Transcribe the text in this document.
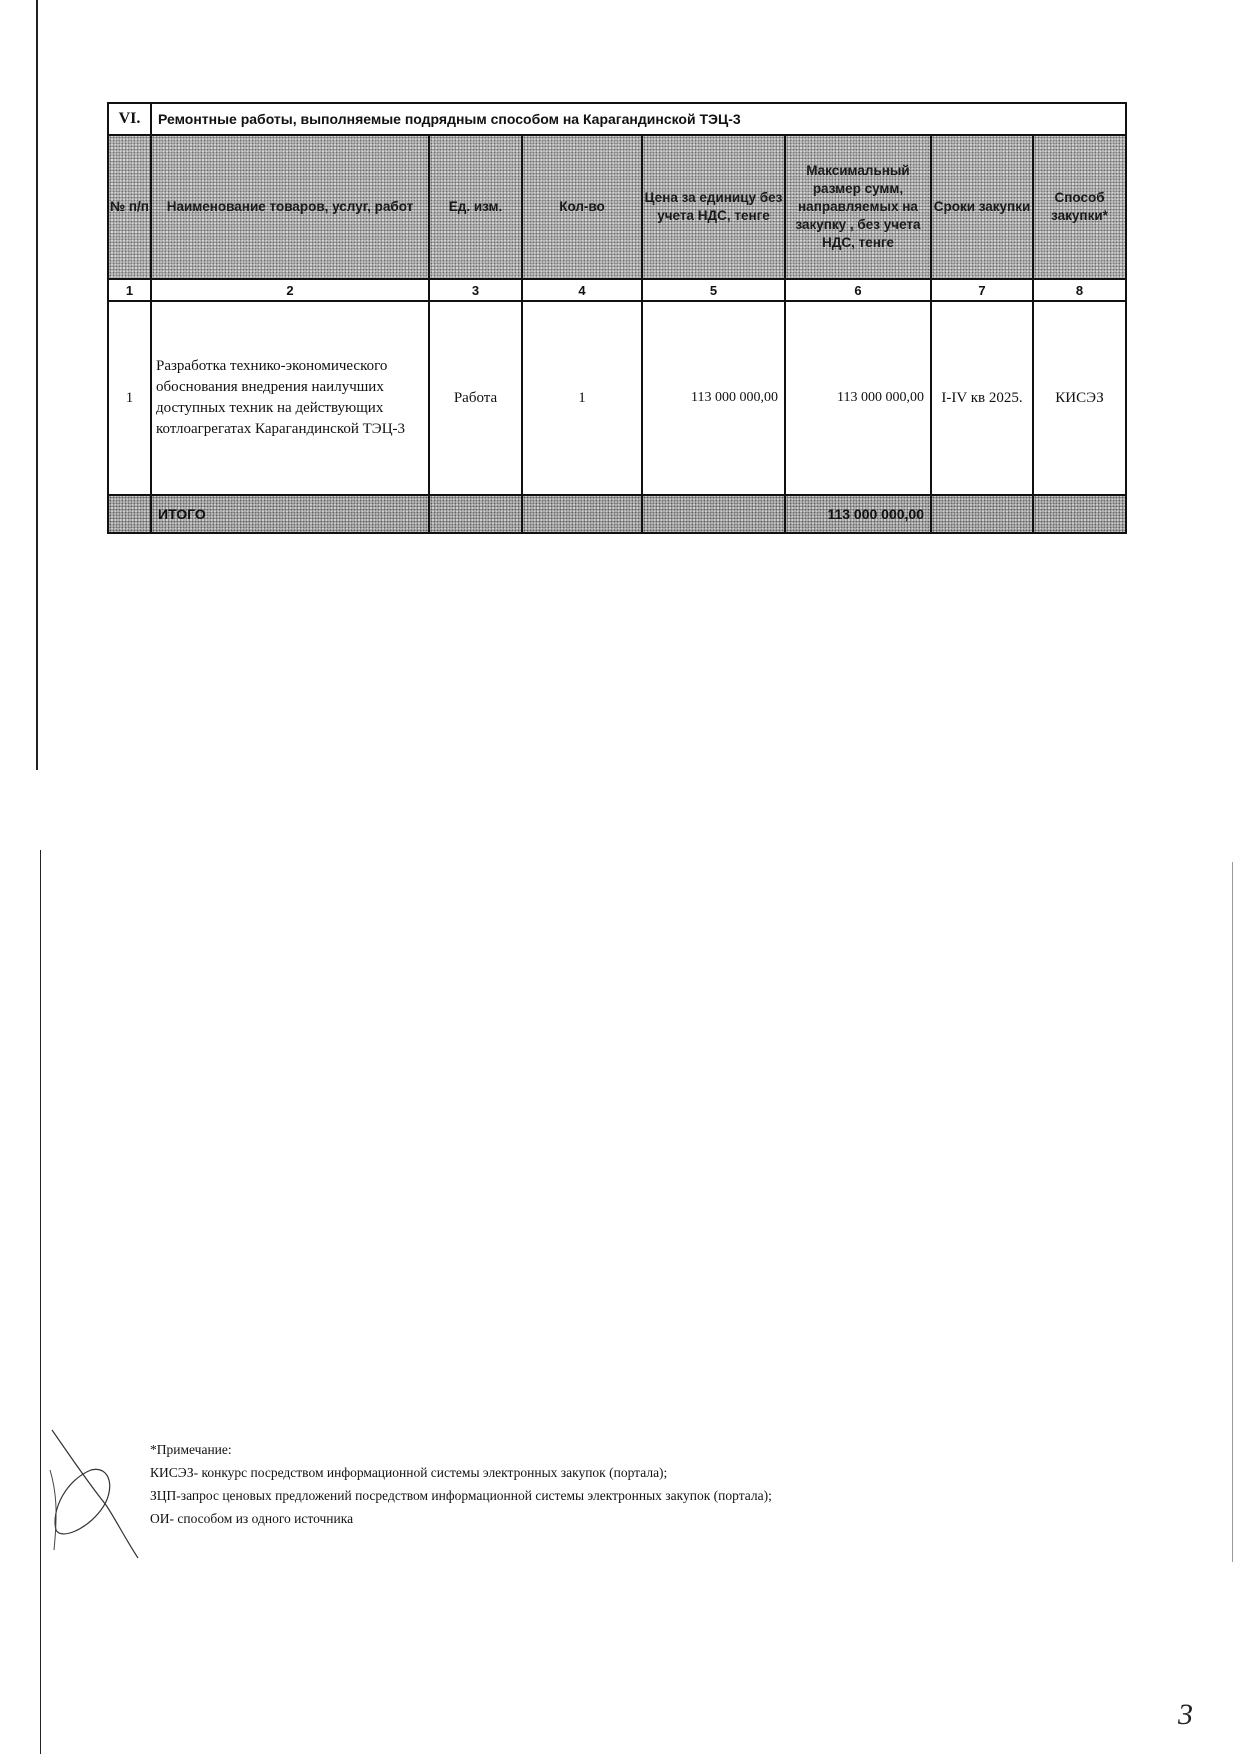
VI.	Ремонтные работы, выполняемые подрядным способом на Карагандинской ТЭЦ-3						
№ п/п	Наименование товаров, услуг, работ	Ед. изм.	Кол-во	Цена за единицу без учета НДС, тенге	Максимальный размер сумм, направляемых на закупку , без учета НДС, тенге	Сроки закупки	Способ закупки*
1	2	3	4	5	6	7	8
1	Разработка технико-экономического обоснования внедрения наилучших доступных техник на действующих котлоагрегатах Карагандинской ТЭЦ-3	Работа	1	113 000 000,00	113 000 000,00	I-IV кв 2025.	КИСЭЗ
	ИТОГО				113 000 000,00		
*Примечание:
КИСЭЗ- конкурс посредством информационной системы электронных закупок (портала);
ЗЦП-запрос ценовых предложений посредством информационной системы электронных закупок (портала);
ОИ- способом из одного источника
3
